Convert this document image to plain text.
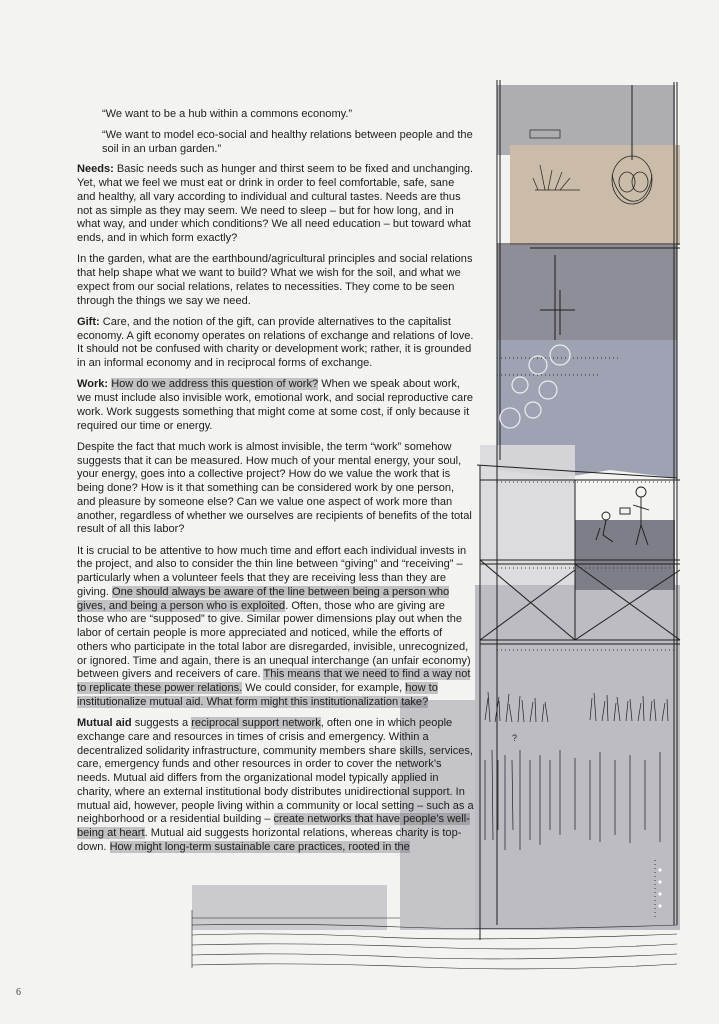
?

“We want to be a hub within a commons economy.”

“We want to model eco-social and healthy relations between people and the soil in an urban garden.”

Needs: Basic needs such as hunger and thirst seem to be fixed and unchanging. Yet, what we feel we must eat or drink in order to feel comfortable, safe, sane and healthy, all vary according to individual and cultural tastes. Needs are thus not as simple as they may seem. We need to sleep – but for how long, and in what way, and under which conditions? We all need education – but toward what ends, and in which form exactly?

In the garden, what are the earthbound/agricultural principles and social relations that help shape what we want to build? What we wish for the soil, and what we expect from our social relations, relates to necessities. They come to be seen through the things we say we need.

Gift: Care, and the notion of the gift, can provide alternatives to the capitalist economy. A gift economy operates on relations of exchange and relations of love. It should not be confused with charity or development work; rather, it is grounded in an informal economy and in reciprocal forms of exchange.

Work: How do we address this question of work? When we speak about work, we must include also invisible work, emotional work, and social reproductive care work. Work suggests something that might come at some cost, if only because it required our time or energy.

Despite the fact that much work is almost invisible, the term “work” somehow suggests that it can be measured. How much of your mental energy, your soul, your energy, goes into a collective project? How do we value the work that is being done? How is it that something can be considered work by one person, and pleasure by someone else? Can we value one aspect of work more than another, regardless of whether we ourselves are recipients of benefits of the total result of all this labor?

It is crucial to be attentive to how much time and effort each individual invests in the project, and also to consider the thin line between “giving” and “receiving” – particularly when a volunteer feels that they are receiving less than they are giving. One should always be aware of the line between being a person who gives, and being a person who is exploited. Often, those who are giving are those who are “supposed” to give. Similar power dimensions play out when the labor of certain people is more appreciated and noticed, while the efforts of others who participate in the total labor are disregarded, invisible, unrecognized, or ignored. Time and again, there is an unequal interchange (an unfair economy) between givers and receivers of care. This means that we need to find a way not to replicate these power relations. We could consider, for example, how to institutionalize mutual aid. What form might this institutionalization take?

Mutual aid suggests a reciprocal support network, often one in which people exchange care and resources in times of crisis and emergency. Within a decentralized solidarity infrastructure, community members share skills, services, care, emergency funds and other resources in order to cover the network’s needs. Mutual aid differs from the organizational model typically applied in charity, where an external institutional body distributes unidirectional support. In mutual aid, however, people living within a community or local setting – such as a neighborhood or a residential building – create networks that have people’s well-being at heart. Mutual aid suggests horizontal relations, whereas charity is top-down. How might long-term sustainable care practices, rooted in the

6
